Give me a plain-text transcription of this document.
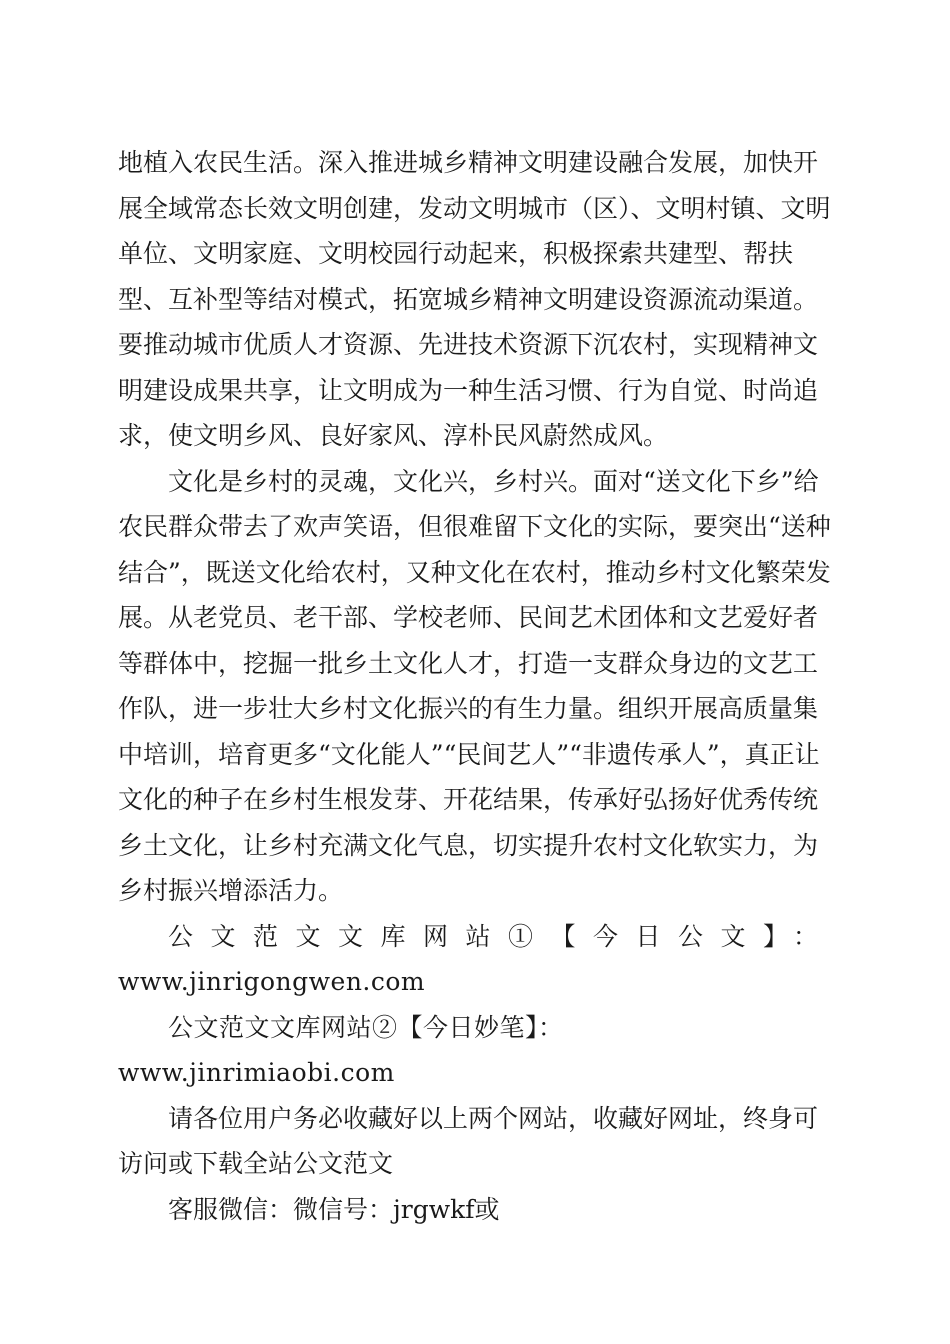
地植入农民生活。深入推进城乡精神文明建设融合发展，加快开展全域常态长效文明创建，发动文明城市（区）、文明村镇、文明单位、文明家庭、文明校园行动起来，积极探索共建型、帮扶型、互补型等结对模式，拓宽城乡精神文明建设资源流动渠道。要推动城市优质人才资源、先进技术资源下沉农村，实现精神文明建设成果共享，让文明成为一种生活习惯、行为自觉、时尚追求，使文明乡风、良好家风、淳朴民风蔚然成风。

文化是乡村的灵魂，文化兴，乡村兴。面对“送文化下乡”给农民群众带去了欢声笑语，但很难留下文化的实际，要突出“送种结合”，既送文化给农村，又种文化在农村，推动乡村文化繁荣发展。从老党员、老干部、学校老师、民间艺术团体和文艺爱好者等群体中，挖掘一批乡土文化人才，打造一支群众身边的文艺工作队，进一步壮大乡村文化振兴的有生力量。组织开展高质量集中培训，培育更多“文化能人”“民间艺人”“非遗传承人”，真正让文化的种子在乡村生根发芽、开花结果，传承好弘扬好优秀传统乡土文化，让乡村充满文化气息，切实提升农村文化软实力，为乡村振兴增添活力。

公文范文文库网站①【今日公文】：

www.jinrigongwen.com

公文范文文库网站②【今日妙笔】：www.jinrimiaobi.com

请各位用户务必收藏好以上两个网站，收藏好网址，终身可访问或下载全站公文范文

客服微信：微信号：jrgwkf或
